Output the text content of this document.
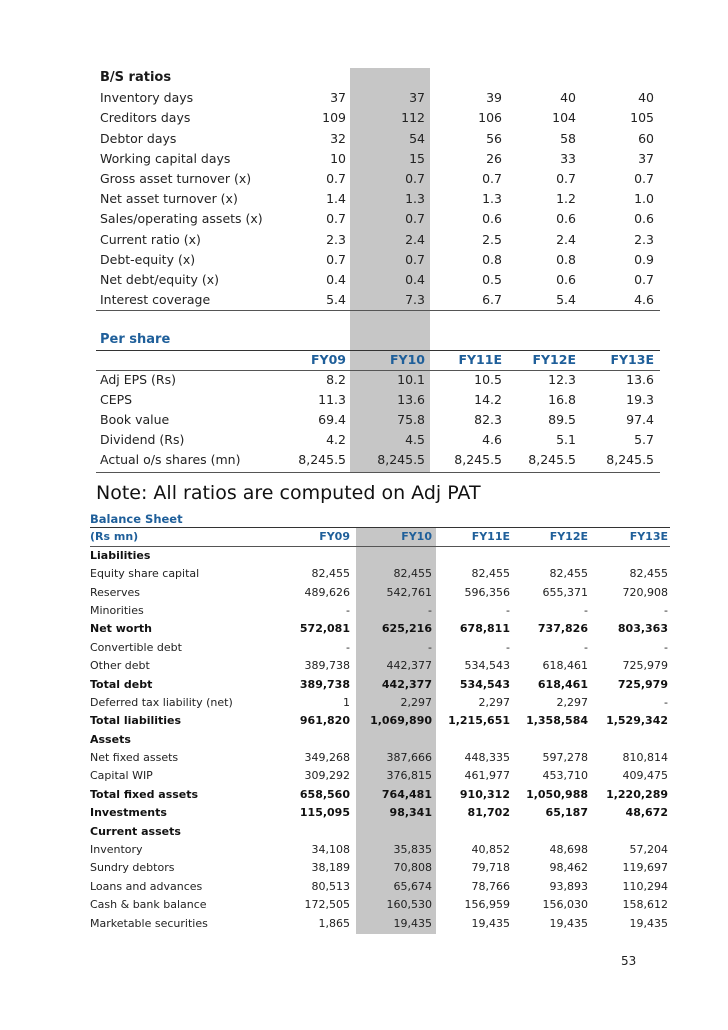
B/S ratios
Inventory days	37	37	39	40	40
Creditors days	109	112	106	104	105
Debtor days	32	54	56	58	60
Working capital days	10	15	26	33	37
Gross asset turnover (x)	0.7	0.7	0.7	0.7	0.7
Net asset turnover (x)	1.4	1.3	1.3	1.2	1.0
Sales/operating assets (x)	0.7	0.7	0.6	0.6	0.6
Current ratio (x)	2.3	2.4	2.5	2.4	2.3
Debt-equity (x)	0.7	0.7	0.8	0.8	0.9
Net debt/equity (x)	0.4	0.4	0.5	0.6	0.7
Interest coverage	5.4	7.3	6.7	5.4	4.6
Per share
FY09	FY10	FY11E FY12E	FY13E
Adj EPS (Rs)	8.2	10.1	10.5	12.3	13.6
CEPS	11.3	13.6	14.2	16.8	19.3
Book value	69.4	75.8	82.3	89.5	97.4
Dividend (Rs)	4.2	4.5	4.6	5.1	5.7
Actual o/s shares (mn)	8,245.5	8,245.5 8,245.5 8,245.5 8,245.5
Note: All ratios are computed on Adj PAT
Balance Sheet
(Rs mn)	FY09	FY10	FY11E	FY12E	FY13E
Liabilities
Equity share capital	82,455	82,455	82,455	82,455	82,455
Reserves	489,626	542,761	596,356	655,371	720,908
Minorities	-	-	-	-	-
Net worth	572,081	625,216	678,811	737,826	803,363
Convertible debt	-	-	-	-	-
Other debt	389,738	442,377	534,543	618,461	725,979
Total debt	389,738	442,377	534,543	618,461	725,979
Deferred tax liability (net)	1	2,297	2,297	2,297	-
Total liabilities	961,820 1,069,890 1,215,651 1,358,584 1,529,342
Assets
Net fixed assets	349,268	387,666	448,335	597,278	810,814
Capital WIP	309,292	376,815	461,977	453,710	409,475
Total fixed assets	658,560	764,481	910,312 1,050,988 1,220,289
Investments	115,095	98,341	81,702	65,187	48,672
Current assets
Inventory	34,108	35,835	40,852	48,698	57,204
Sundry debtors	38,189	70,808	79,718	98,462	119,697
Loans and advances	80,513	65,674	78,766	93,893	110,294
Cash & bank balance	172,505	160,530	156,959	156,030	158,612
Marketable securities	1,865	19,435	19,435	19,435	19,435
53
